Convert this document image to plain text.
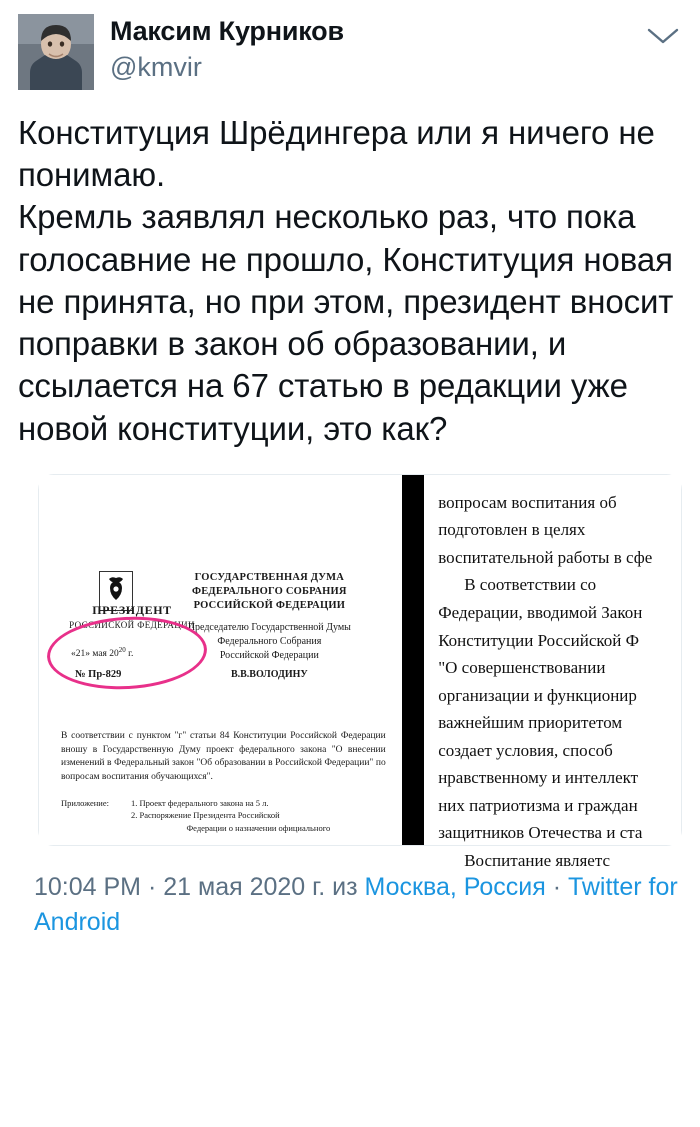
Максим Курников
@kmvir
Конституция Шрёдингера или я ничего не понимаю.
Кремль заявлял несколько раз, что пока голосавние не прошло, Конституция новая не принята, но при этом, президент вносит поправки в закон об образовании, и ссылается на 67 статью в редакции уже новой конституции, это как?
ГОСУДАРСТВЕННАЯ ДУМА
ФЕДЕРАЛЬНОГО СОБРАНИЯ
РОССИЙСКОЙ ФЕДЕРАЦИИ
Председателю Государственной Думы
Федерального Собрания
Российской Федерации
В.В.ВОЛОДИНУ
ПРЕЗИДЕНТ
РОССИЙСКОЙ ФЕДЕРАЦИИ
«21» мая $20^{20}$ г.
№ Пр-829
В соответствии с пунктом "г" статьи 84 Конституции Российской Федерации вношу в Государственную Думу проект федерального закона "О внесении изменений в Федеральный закон "Об образовании в Российской Федерации" по вопросам воспитания обучающихся".
Приложение:	1. Проект федерального закона на 5 л.
2. Распоряжение Президента Российской
Федерации о назначении официального
вопросам воспитания об
подготовлен в целях
воспитательной работы в сфе
В соответствии со
Федерации, вводимой Закон
Конституции Российской Ф
"О совершенствовании
организации и функционир
важнейшим приоритетом
создает условия, способ
нравственному и интеллект
них патриотизма и граждан
защитников Отечества и ста
Воспитание являетс
10:04 PM · 21 мая 2020 г. из Москва, Россия · Twitter for Android
